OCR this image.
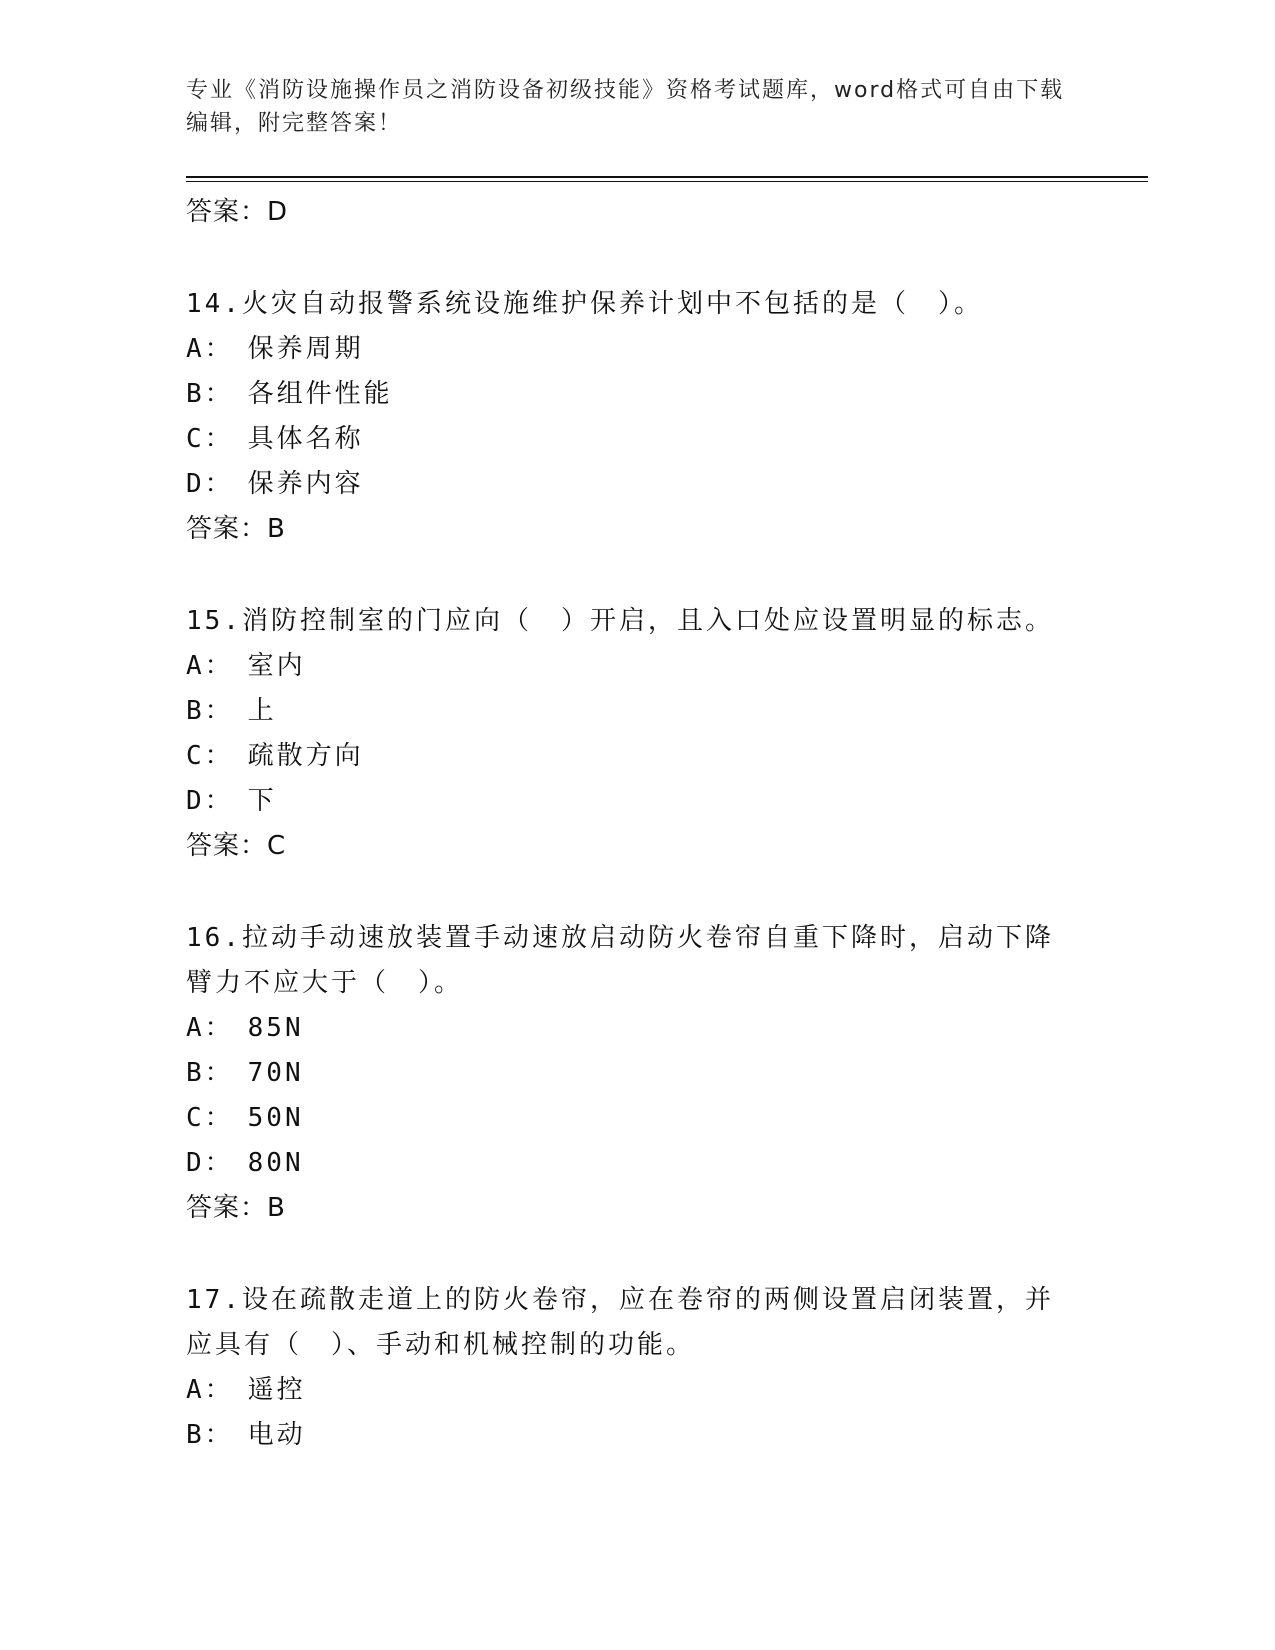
专业《消防设施操作员之消防设备初级技能》资格考试题库，word格式可自由下载编辑，附完整答案！
答案：D
14.火灾自动报警系统设施维护保养计划中不包括的是（　）。
A： 保养周期
B： 各组件性能
C： 具体名称
D： 保养内容
答案：B
15.消防控制室的门应向（　）开启，且入口处应设置明显的标志。
A： 室内
B： 上
C： 疏散方向
D： 下
答案：C
16.拉动手动速放装置手动速放启动防火卷帘自重下降时，启动下降臂力不应大于（　）。
A： 85N
B： 70N
C： 50N
D： 80N
答案：B
17.设在疏散走道上的防火卷帘，应在卷帘的两侧设置启闭装置，并应具有（　）、手动和机械控制的功能。
A： 遥控
B： 电动
